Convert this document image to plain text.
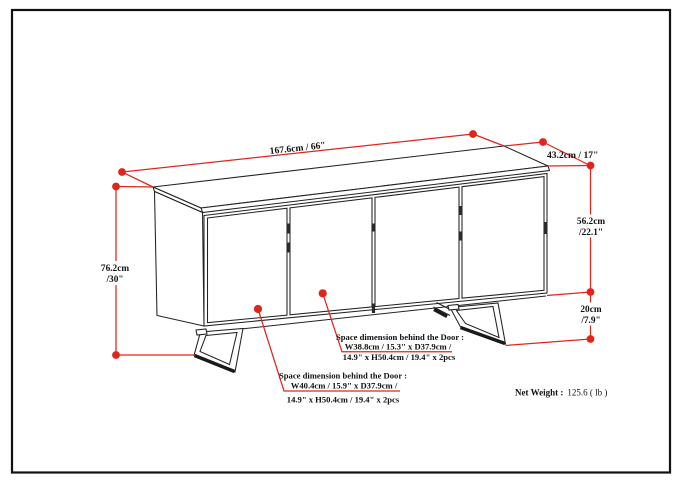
167.6cm / 66"	43.2cm / 17"
56.2cm
/22.1"
20cm
/7.9"
76.2cm
/30"
Space dimension behind the Door :
W38.8cm / 15.3" x D37.9cm /
14.9" x H50.4cm / 19.4" x 2pcs
Space dimension behind the Door :
W40.4cm / 15.9" x D37.9cm /
14.9" x H50.4cm / 19.4" x 2pcs
Net Weight : 125.6 ( lb )
